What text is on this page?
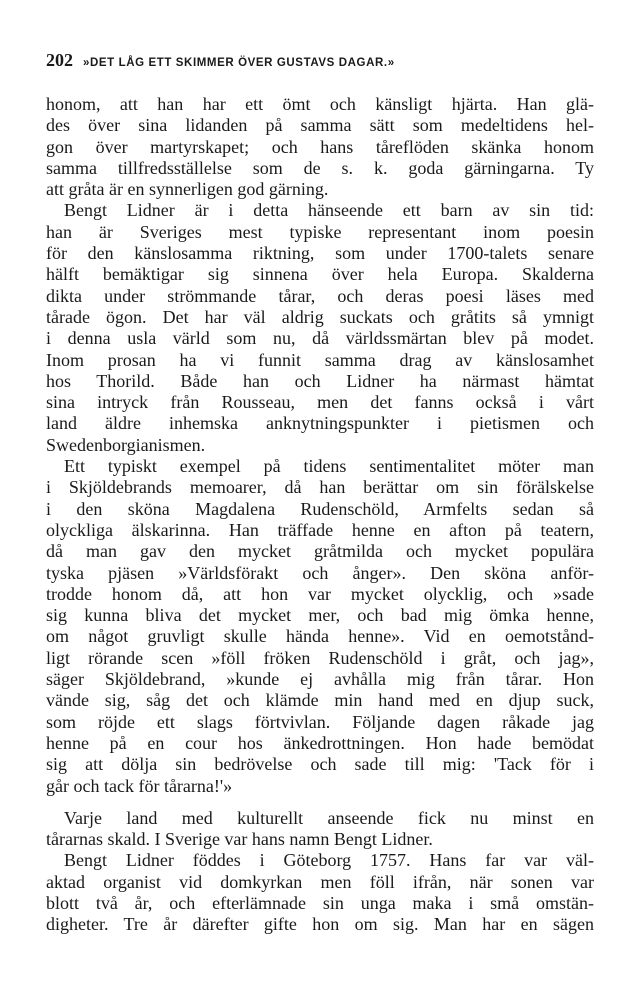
202 »DET LÅG ETT SKIMMER ÖVER GUSTAVS DAGAR.»
honom, att han har ett ömt och känsligt hjärta. Han glä-
des över sina lidanden på samma sätt som medeltidens hel-
gon över martyrskapet; och hans tåreflöden skänka honom
samma tillfredsställelse som de s. k. goda gärningarna. Ty
att gråta är en synnerligen god gärning.
Bengt Lidner är i detta hänseende ett barn av sin tid:
han är Sveriges mest typiske representant inom poesin
för den känslosamma riktning, som under 1700-talets senare
hälft bemäktigar sig sinnena över hela Europa. Skalderna
dikta under strömmande tårar, och deras poesi läses med
tårade ögon. Det har väl aldrig suckats och gråtits så ymnigt
i denna usla värld som nu, då världssmärtan blev på modet.
Inom prosan ha vi funnit samma drag av känslosamhet
hos Thorild. Både han och Lidner ha närmast hämtat
sina intryck från Rousseau, men det fanns också i vårt
land äldre inhemska anknytningspunkter i pietismen och
Swedenborgianismen.
Ett typiskt exempel på tidens sentimentalitet möter man
i Skjöldebrands memoarer, då han berättar om sin förälskelse
i den sköna Magdalena Rudenschöld, Armfelts sedan så
olyckliga älskarinna. Han träffade henne en afton på teatern,
då man gav den mycket gråtmilda och mycket populära
tyska pjäsen »Världsförakt och ånger». Den sköna anför-
trodde honom då, att hon var mycket olycklig, och »sade
sig kunna bliva det mycket mer, och bad mig ömka henne,
om något gruvligt skulle hända henne». Vid en oemotstånd-
ligt rörande scen »föll fröken Rudenschöld i gråt, och jag»,
säger Skjöldebrand, »kunde ej avhålla mig från tårar. Hon
vände sig, såg det och klämde min hand med en djup suck,
som röjde ett slags förtvivlan. Följande dagen råkade jag
henne på en cour hos änkedrottningen. Hon hade bemödat
sig att dölja sin bedrövelse och sade till mig: 'Tack för i
går och tack för tårarna!'»
Varje land med kulturellt anseende fick nu minst en
tårarnas skald. I Sverige var hans namn Bengt Lidner.
Bengt Lidner föddes i Göteborg 1757. Hans far var väl-
aktad organist vid domkyrkan men föll ifrån, när sonen var
blott två år, och efterlämnade sin unga maka i små omstän-
digheter. Tre år därefter gifte hon om sig. Man har en sägen
